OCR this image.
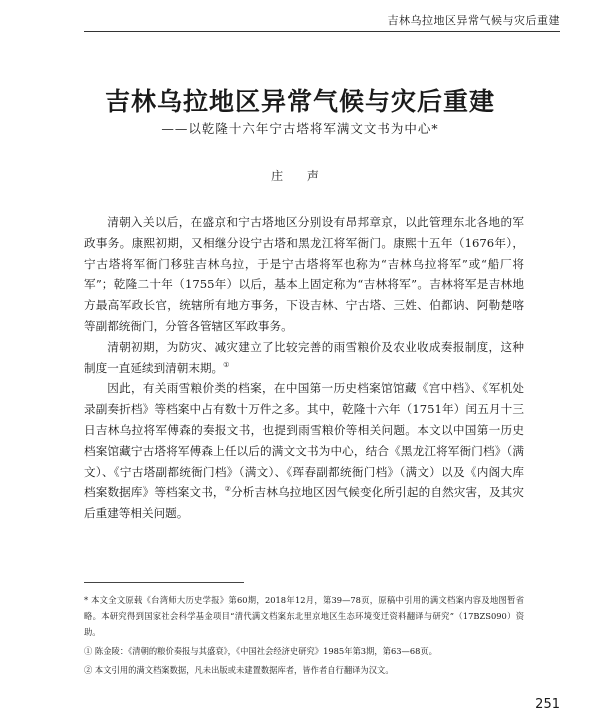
吉林乌拉地区异常气候与灾后重建
吉林乌拉地区异常气候与灾后重建
——以乾隆十六年宁古塔将军满文文书为中心*
庄 声

清朝入关以后，在盛京和宁古塔地区分别设有昂邦章京，以此管理东北各地的军政事务。康熙初期，又相继分设宁古塔和黑龙江将军衙门。康熙十五年（1676年），宁古塔将军衙门移驻吉林乌拉，于是宁古塔将军也称为“吉林乌拉将军”或“船厂将军”；乾隆二十年（1755年）以后，基本上固定称为“吉林将军”。吉林将军是吉林地方最高军政长官，统辖所有地方事务，下设吉林、宁古塔、三姓、伯都讷、阿勒楚喀等副都统衙门，分管各管辖区军政事务。

清朝初期，为防灾、减灾建立了比较完善的雨雪粮价及农业收成奏报制度，这种制度一直延续到清朝末期。①

因此，有关雨雪粮价类的档案，在中国第一历史档案馆馆藏《宫中档》、《军机处录副奏折档》等档案中占有数十万件之多。其中，乾隆十六年（1751年）闰五月十三日吉林乌拉将军傅森的奏报文书，也提到雨雪粮价等相关问题。本文以中国第一历史档案馆藏宁古塔将军傅森上任以后的满文文书为中心，结合《黑龙江将军衙门档》（满文）、《宁古塔副都统衙门档》（满文）、《珲春副都统衙门档》（满文）以及《内阁大库档案数据库》等档案文书，②分析吉林乌拉地区因气候变化所引起的自然灾害，及其灾后重建等相关问题。

* 本文全文原载《台湾师大历史学报》第60期，2018年12月，第39—78页，原稿中引用的满文档案内容及地图暂省略。本研究得到国家社会科学基金项目“清代满文档案东北里京地区生态环境变迁资料翻译与研究”（17BZS090）资助。

① 陈金陵：《清朝的粮价奏报与其盛衰》，《中国社会经济史研究》1985年第3期，第63—68页。

② 本文引用的满文档案数据，凡未出版或未建置数据库者，皆作者自行翻译为汉文。

251
